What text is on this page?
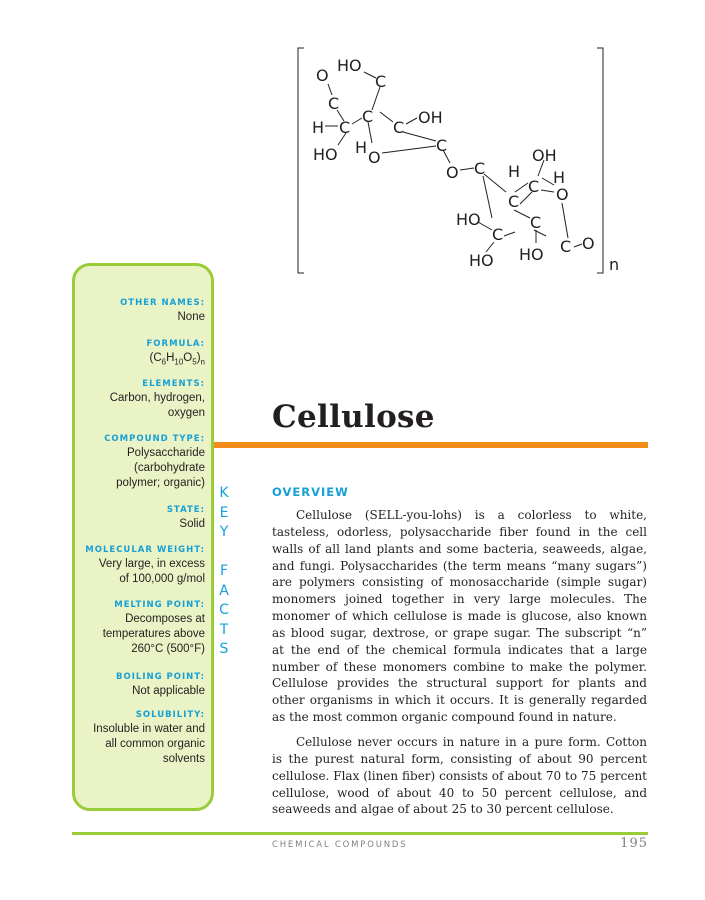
O
HO
C
C
H C
C
C
OH
HO H
O
C
O C
OH
H
C H
C O
HO	C
C
HO HO C O
n
OTHER NAMES:
None
FORMULA:
$(C_6H_{10}O_5)_n$
ELEMENTS:
Carbon, hydrogen,
oxygen
COMPOUND TYPE:
Polysaccharide
(carbohydrate
polymer; organic)
STATE:
Solid
MOLECULAR WEIGHT:
Very large, in excess
of 100,000 g/mol
MELTING POINT:
Decomposes at
temperatures above
260°C (500°F)
BOILING POINT:
Not applicable
SOLUBILITY:
Insoluble in water and
all common organic
solvents
K
E
Y
F
A
C
T
S
Cellulose
OVERVIEW

Cellulose (SELL-you-lohs) is a colorless to white, tasteless, odorless, polysaccharide fiber found in the cell walls of all land plants and some bacteria, seaweeds, algae, and fungi. Polysaccharides (the term means “many sugars”) are polymers consisting of monosaccharide (simple sugar) monomers joined together in very large molecules. The monomer of which cellulose is made is glucose, also known as blood sugar, dextrose, or grape sugar. The subscript “n” at the end of the chemical formula indicates that a large number of these monomers combine to make the polymer. Cellulose provides the structural support for plants and other organisms in which it occurs. It is generally regarded as the most common organic compound found in nature.

Cellulose never occurs in nature in a pure form. Cotton is the purest natural form, consisting of about 90 percent cellulose. Flax (linen fiber) consists of about 70 to 75 percent cellulose, wood of about 40 to 50 percent cellulose, and seaweeds and algae of about 25 to 30 percent cellulose.

CHEMICAL COMPOUNDS	195
